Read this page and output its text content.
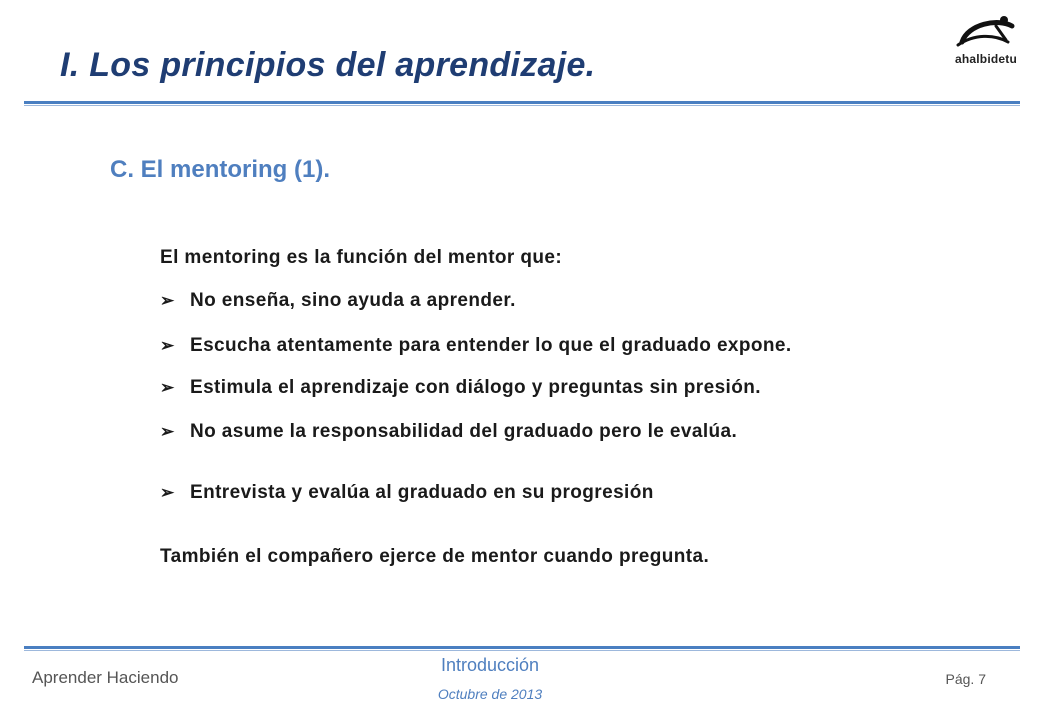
I. Los principios del aprendizaje.	ahalbidetu
C. El mentoring (1).

El mentoring es la función del mentor que:

➢ No enseña, sino ayuda a aprender.
➢ Escucha atentamente para entender lo que el graduado expone.
➢ Estimula el aprendizaje con diálogo y preguntas sin presión.
➢ No asume la responsabilidad del graduado pero le evalúa.
➢ Entrevista y evalúa al graduado en su progresión

También el compañero ejerce de mentor cuando pregunta.

Aprender Haciendo
Introducción
Octubre de 2013
Pág. 7
